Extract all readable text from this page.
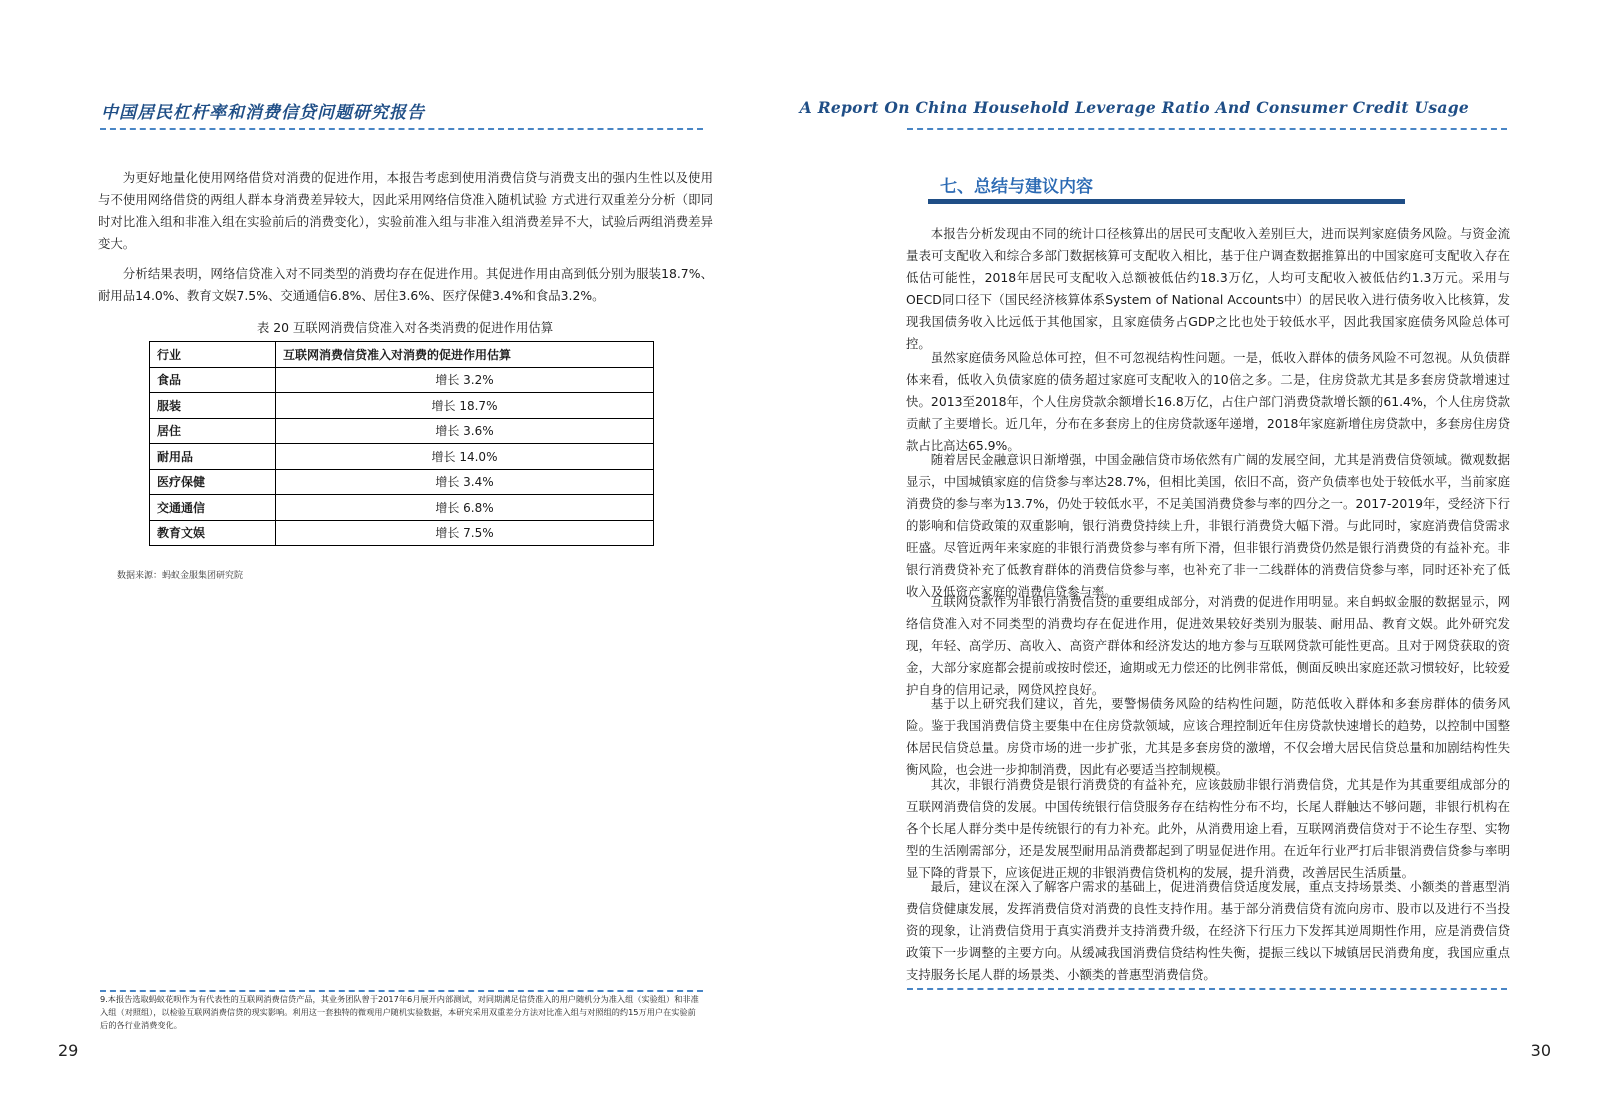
中国居民杠杆率和消费信贷问题研究报告

为更好地量化使用网络借贷对消费的促进作用，本报告考虑到使用消费信贷与消费支出的强内生性以及使用与不使用网络借贷的两组人群本身消费差异较大，因此采用网络信贷准入随机试验 方式进行双重差分分析（即同时对比准入组和非准入组在实验前后的消费变化），实验前准入组与非准入组消费差异不大，试验后两组消费差异变大。

分析结果表明，网络信贷准入对不同类型的消费均存在促进作用。其促进作用由高到低分别为服装18.7%、耐用品14.0%、教育文娱7.5%、交通通信6.8%、居住3.6%、医疗保健3.4%和食品3.2%。

表 20 互联网消费信贷准入对各类消费的促进作用估算
行业	互联网消费信贷准入对消费的促进作用估算
食品	增长 3.2%
服装	增长 18.7%
居住	增长 3.6%
耐用品	增长 14.0%
医疗保健	增长 3.4%
交通通信	增长 6.8%
教育文娱	增长 7.5%
数据来源：蚂蚁金服集团研究院

9.本报告选取蚂蚁花呗作为有代表性的互联网消费信贷产品，其业务团队曾于2017年6月展开内部测试，对同期满足信贷准入的用户随机分为准入组（实验组）和非准入组（对照组），以检验互联网消费信贷的现实影响。利用这一套独特的微观用户随机实验数据，本研究采用双重差分方法对比准入组与对照组的约15万用户在实验前后的各行业消费变化。

29
A Report On China Household Leverage Ratio And Consumer Credit Usage
七、总结与建议内容

本报告分析发现由不同的统计口径核算出的居民可支配收入差别巨大，进而误判家庭债务风险。与资金流量表可支配收入和综合多部门数据核算可支配收入相比，基于住户调查数据推算出的中国家庭可支配收入存在低估可能性，2018年居民可支配收入总额被低估约18.3万亿，人均可支配收入被低估约1.3万元。采用与OECD同口径下（国民经济核算体系System of National Accounts中）的居民收入进行债务收入比核算，发现我国债务收入比远低于其他国家，且家庭债务占GDP之比也处于较低水平，因此我国家庭债务风险总体可控。

虽然家庭债务风险总体可控，但不可忽视结构性问题。一是，低收入群体的债务风险不可忽视。从负债群体来看，低收入负债家庭的债务超过家庭可支配收入的10倍之多。二是，住房贷款尤其是多套房贷款增速过快。2013至2018年，个人住房贷款余额增长16.8万亿，占住户部门消费贷款增长额的61.4%，个人住房贷款贡献了主要增长。近几年，分布在多套房上的住房贷款逐年递增，2018年家庭新增住房贷款中，多套房住房贷款占比高达65.9%。

随着居民金融意识日渐增强，中国金融信贷市场依然有广阔的发展空间，尤其是消费信贷领域。微观数据显示，中国城镇家庭的信贷参与率达28.7%，但相比美国，依旧不高，资产负债率也处于较低水平，当前家庭消费贷的参与率为13.7%，仍处于较低水平，不足美国消费贷参与率的四分之一。2017-2019年，受经济下行的影响和信贷政策的双重影响，银行消费贷持续上升，非银行消费贷大幅下滑。与此同时，家庭消费信贷需求旺盛。尽管近两年来家庭的非银行消费贷参与率有所下滑，但非银行消费贷仍然是银行消费贷的有益补充。非银行消费贷补充了低教育群体的消费信贷参与率，也补充了非一二线群体的消费信贷参与率，同时还补充了低收入及低资产家庭的消费信贷参与率。

互联网贷款作为非银行消费信贷的重要组成部分，对消费的促进作用明显。来自蚂蚁金服的数据显示，网络信贷准入对不同类型的消费均存在促进作用，促进效果较好类别为服装、耐用品、教育文娱。此外研究发现，年轻、高学历、高收入、高资产群体和经济发达的地方参与互联网贷款可能性更高。且对于网贷获取的资金，大部分家庭都会提前或按时偿还，逾期或无力偿还的比例非常低，侧面反映出家庭还款习惯较好，比较爱护自身的信用记录，网贷风控良好。

基于以上研究我们建议，首先，要警惕债务风险的结构性问题，防范低收入群体和多套房群体的债务风险。鉴于我国消费信贷主要集中在住房贷款领域，应该合理控制近年住房贷款快速增长的趋势，以控制中国整体居民信贷总量。房贷市场的进一步扩张，尤其是多套房贷的激增，不仅会增大居民信贷总量和加剧结构性失衡风险，也会进一步抑制消费，因此有必要适当控制规模。

其次，非银行消费贷是银行消费贷的有益补充，应该鼓励非银行消费信贷，尤其是作为其重要组成部分的互联网消费信贷的发展。中国传统银行信贷服务存在结构性分布不均，长尾人群触达不够问题，非银行机构在各个长尾人群分类中是传统银行的有力补充。此外，从消费用途上看，互联网消费信贷对于不论生存型、实物型的生活刚需部分，还是发展型耐用品消费都起到了明显促进作用。在近年行业严打后非银消费信贷参与率明显下降的背景下，应该促进正规的非银消费信贷机构的发展，提升消费，改善居民生活质量。

最后，建议在深入了解客户需求的基础上，促进消费信贷适度发展，重点支持场景类、小额类的普惠型消费信贷健康发展，发挥消费信贷对消费的良性支持作用。基于部分消费信贷有流向房市、股市以及进行不当投资的现象，让消费信贷用于真实消费并支持消费升级，在经济下行压力下发挥其逆周期性作用，应是消费信贷政策下一步调整的主要方向。从缓减我国消费信贷结构性失衡，提振三线以下城镇居民消费角度，我国应重点支持服务长尾人群的场景类、小额类的普惠型消费信贷。

30
